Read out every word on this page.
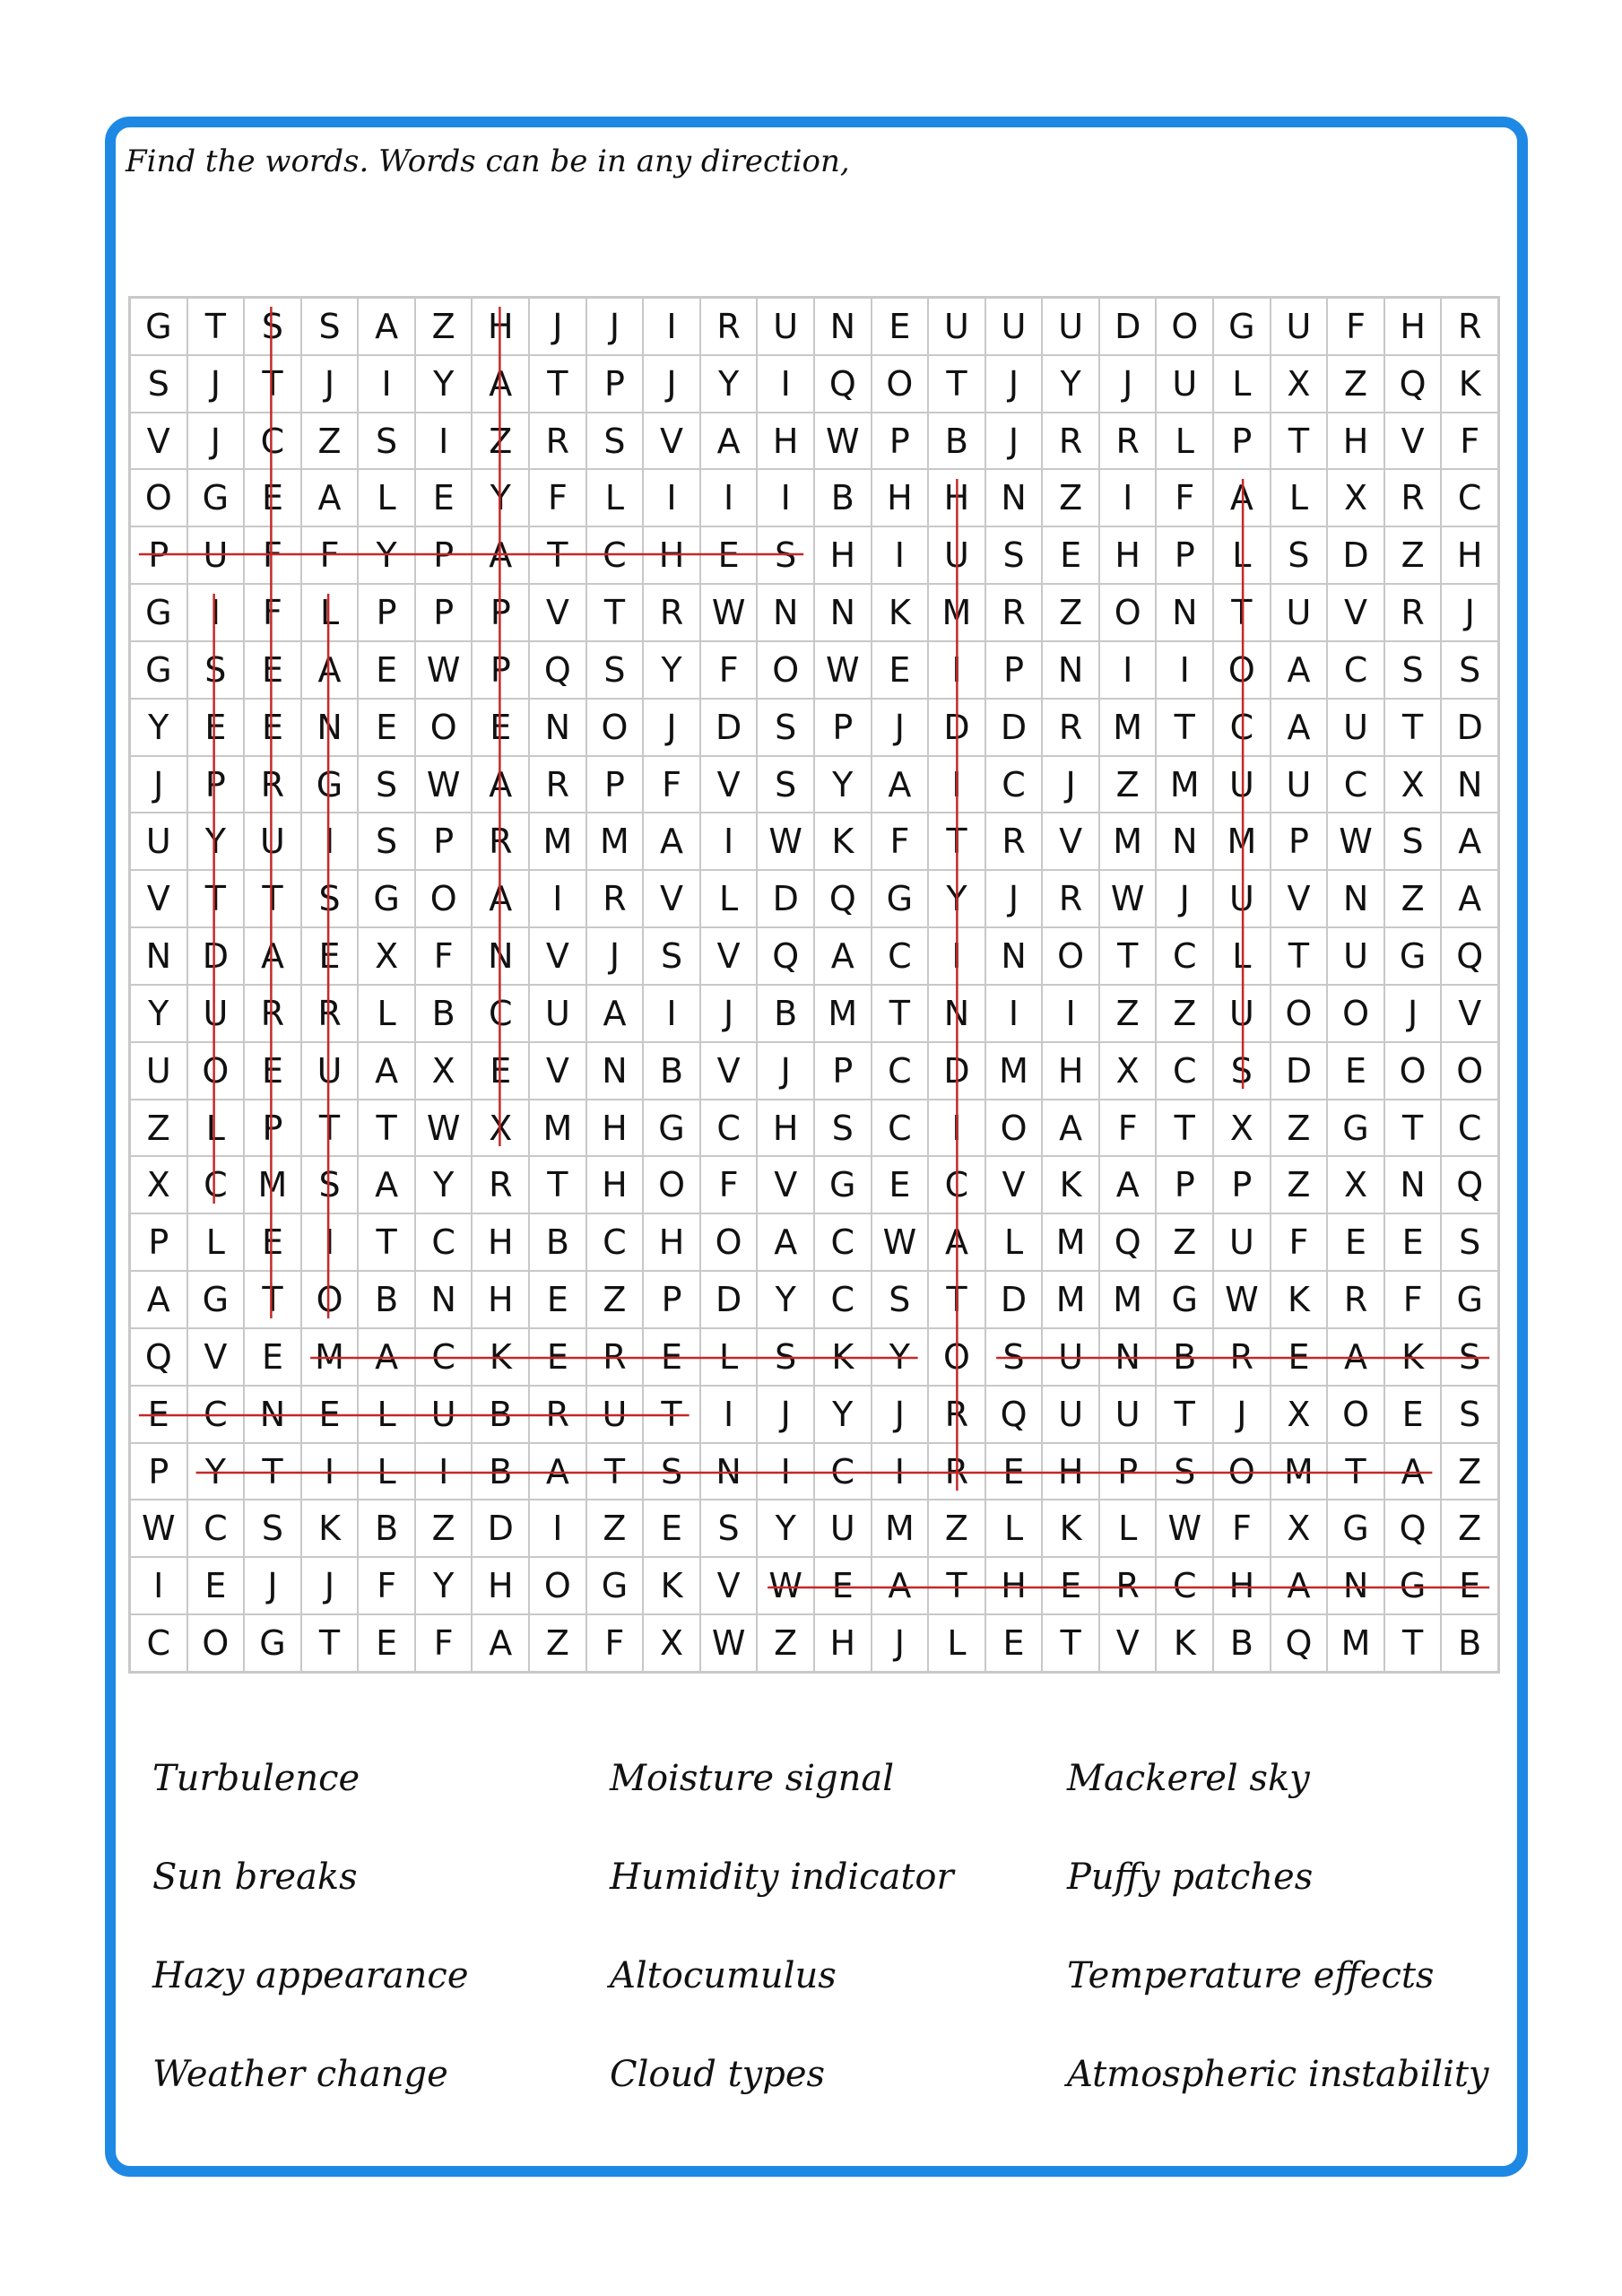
Find the words. Words can be in any direction,
G T	S	S	A Z H	J	J	I	R U N E U U U D O G U	F	H R
S	J	T	J	I	Y	A	T	P	J	Y	I	Q O T	J	Y	J	U	L	X Z Q K
V	J	C Z	S	I	Z R	S	V A H W P	B	J	R R	L	P	T H V	F
O G E	A	L	E	Y	F	L	I	I	I	B H H N Z	I	F	A	L	X R C
P	U	F	F	Y	P	A	T	C H E	S H	I	U S	E H P	L	S D Z H
G	I	F	L	P	P	P	V	T	R W N N K M R Z O N T	U V R	J
G S	E	A	E W P Q S	Y	F O W E	I	P N	I	I	O A C	S	S
Y	E	E N E O E N O	J	D S	P	J	D D R M T	C A U	T D
J	P	R G S W A R	P	F	V	S	Y	A	I	C	J	Z M U U C X N
U	Y	U	I	S	P	R M M A	I	W K	F	T	R V M N M P W S	A
V	T	T	S G O A	I	R V	L	D Q G Y	J	R W	J	U V N Z A
N D A	E	X	F	N V	J	S	V Q A C	I	N O T	C	L	T	U G Q
Y	U R R	L	B C U A	I	J	B M T N	I	I	Z Z U O O	J	V
U O E U A X	E	V N B V	J	P	C D M H X C	S D E O O
Z	L	P	T	T W X M H G C H S	C	I	O A	F	T	X Z G T	C
X C M S	A	Y	R	T H O F	V G E	C V	K	A	P	P	Z X N Q
P	L	E	I	T	C H B C H O A C W A	L M Q Z U	F	E	E	S
A G T O B N H E	Z	P D Y	C	S	T D M M G W K R	F G
Q V	E M A C K	E	R	E	L	S	K	Y O S U N B R	E	A	K	S
E	C N E	L	U B R U	T	I	J	Y	J	R Q U U	T	J	X O E	S
P	Y	T	I	L	I	B A	T	S N	I	C	I	R	E H P	S O M T	A Z
W C	S	K	B Z D	I	Z	E	S	Y	U M Z	L	K	L W F	X G Q Z
I	E	J	J	F	Y H O G K	V W E	A	T H E	R C H A N G E
C O G T	E	F	A Z	F	X W Z H	J	L	E	T	V	K	B Q M T	B
Turbulence	Moisture signal	Mackerel sky
Sun breaks	Humidity indicator	Puffy patches
Hazy appearance	Altocumulus	Temperature effects
Weather change	Cloud types	Atmospheric instability
